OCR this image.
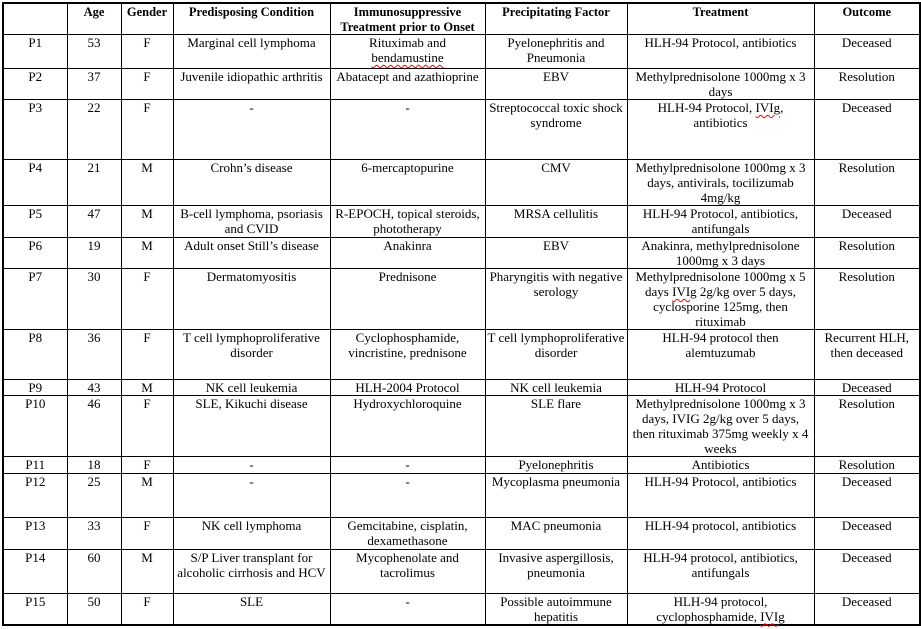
	Age	Gender	Predisposing Condition	Immunosuppressive Treatment prior to Onset	Precipitating Factor	Treatment	Outcome
P1	53	F	Marginal cell lymphoma	Rituximab and bendamustine	Pyelonephritis and Pneumonia	HLH-94 Protocol, antibiotics	Deceased
P2	37	F	Juvenile idiopathic arthritis	Abatacept and azathioprine	EBV	Methylprednisolone 1000mg x 3 days	Resolution
P3	22	F	-	-	Streptococcal toxic shock syndrome	HLH-94 Protocol, IVIg, antibiotics	Deceased
P4	21	M	Crohn’s disease	6-mercaptopurine	CMV	Methylprednisolone 1000mg x 3 days, antivirals, tocilizumab 4mg/kg	Resolution
P5	47	M	B-cell lymphoma, psoriasis and CVID	R-EPOCH, topical steroids, phototherapy	MRSA cellulitis	HLH-94 Protocol, antibiotics, antifungals	Deceased
P6	19	M	Adult onset Still’s disease	Anakinra	EBV	Anakinra, methylprednisolone 1000mg x 3 days	Resolution
P7	30	F	Dermatomyositis	Prednisone	Pharyngitis with negative serology	Methylprednisolone 1000mg x 5 days IVIg 2g/kg over 5 days, cyclosporine 125mg, then rituximab	Resolution
P8	36	F	T cell lymphoproliferative disorder	Cyclophosphamide, vincristine, prednisone	T cell lymphoproliferative disorder	HLH-94 protocol then alemtuzumab	Recurrent HLH, then deceased
P9	43	M	NK cell leukemia	HLH-2004 Protocol	NK cell leukemia	HLH-94 Protocol	Deceased
P10	46	F	SLE, Kikuchi disease	Hydroxychloroquine	SLE flare	Methylprednisolone 1000mg x 3 days, IVIG 2g/kg over 5 days, then rituximab 375mg weekly x 4 weeks	Resolution
P11	18	F	-	-	Pyelonephritis	Antibiotics	Resolution
P12	25	M	-	-	Mycoplasma pneumonia	HLH-94 Protocol, antibiotics	Deceased
P13	33	F	NK cell lymphoma	Gemcitabine, cisplatin, dexamethasone	MAC pneumonia	HLH-94 protocol, antibiotics	Deceased
P14	60	M	S/P Liver transplant for alcoholic cirrhosis and HCV	Mycophenolate and tacrolimus	Invasive aspergillosis, pneumonia	HLH-94 protocol, antibiotics, antifungals	Deceased
P15	50	F	SLE	-	Possible autoimmune hepatitis	HLH-94 protocol, cyclophosphamide, IVIg	Deceased
